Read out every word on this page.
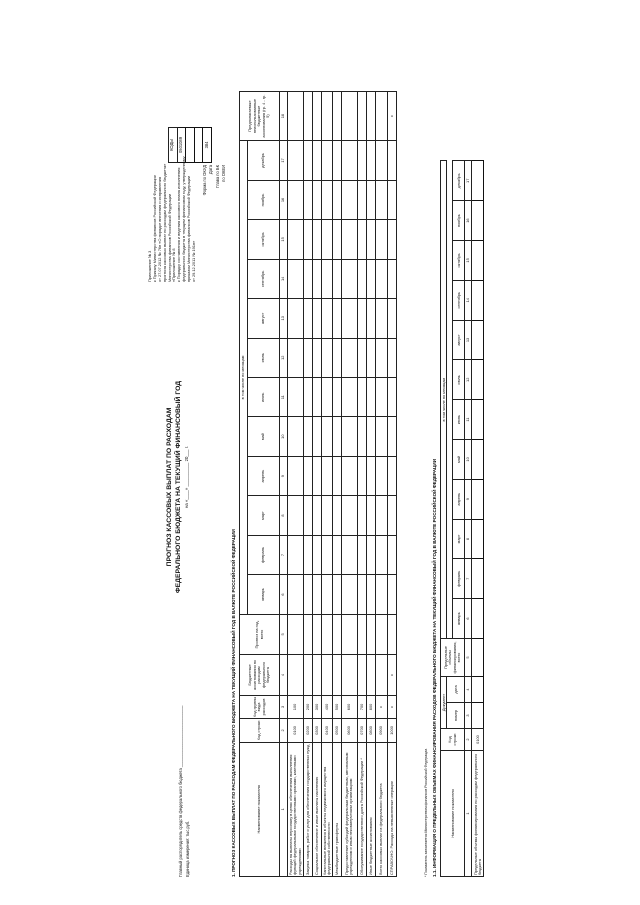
Приложение № 3 к Приказу Министерства финансов Российской Федерации от 27.07.2012 № 76н «О порядке внесения и исправления прогноза кассовых выплат по расходам федерального бюджета» Министерства финансов Российской Федерации «Приложение № 8 к Порядку составления и ведения кассового плана исполнения федерального бюджета в текущем финансовом году, утвержденному приказом Министерства финансов Российской Федерации от 29.12.2011 № 191н»
ПРОГНОЗ КАССОВЫХ ВЫПЛАТ ПО РАСХОДАМ ФЕДЕРАЛЬНОГО БЮДЖЕТА НА ТЕКУЩИЙ ФИНАНСОВЫЙ ГОД на «____» __________ 20___ г.
Форма по ОКУД Дата Глава по БК по ОКЕИ
КОДЫ
0501089

384
Главный распорядитель средств федерального бюджета ___________________________ Единица измерения: тыс.руб.	1. ПРОГНОЗ КАССОВЫХ ВЫПЛАТ ПО РАСХОДАМ ФЕДЕРАЛЬНОГО БЮДЖЕТА НА ТЕКУЩИЙ ФИНАНСОВЫЙ ГОД В ВАЛЮТЕ РОССИЙСКОЙ ФЕДЕРАЦИИ	Наименование показателя	Код строки	Код группы вида расходов	Бюджетные ассигнования по расходам федерального бюджета	Прогноз на год, всего	в том числе по месяцам												Предполагаемые неиспользованные бюджетные ассигнования (гр. 4 - гр. 5)
					январь	февраль	март	апрель	май	июнь	июль	август	сентябрь	октябрь	ноябрь	декабрь	
1	2	3	4	5	6	7	8	9	10	11	12	13	14	15	16	17	18
Расходы на выплаты персоналу в целях обеспечения выполнения функций федеральными государственными органами, казенными учреждениями	0100	100															
Закупка товаров, работ и услуг для обеспечения государственных нужд	0200	200															
Социальное обеспечение и иные выплаты населению	0300	300															
Капитальные вложения в объекты недвижимого имущества федеральной собственности	0400	400															
Межбюджетные трансферты	0500	500															
Предоставление субсидий федеральным бюджетным, автономным учреждениям и иным некоммерческим организациям	0600	600															
Обслуживание государственного долга Российской Федерации *	0700	700															
Иные бюджетные ассигнования	0800	800															
Всего кассовых выплат из федерального бюджета	0900	х															
СПРАВОЧНО: Расходы на невыясненные операции	1000	х	х														х
* Показатель заполняется Министерством финансов Российской Федерации. 1.1. ИНФОРМАЦИЯ О ПРЕДЕЛЬНЫХ ОБЪЕМАХ ФИНАНСИРОВАНИЯ РАСХОДОВ ФЕДЕРАЛЬНОГО БЮДЖЕТА НА ТЕКУЩИЙ ФИНАНСОВЫЙ ГОД В ВАЛЮТЕ РОССИЙСКОЙ ФЕДЕРАЦИИ	Наименование показателя	Код строки	Документ		Предельные объемы финансирования, всего	в том числе по месяцам											
		номер	дата													
					январь	февраль	март	апрель	май	июнь	июль	август	сентябрь	октябрь	ноябрь	декабрь
1	2	3	4	5	6	7	8	9	10	11	12	13	14	15	16	17
Предельные объемы финансирования по расходам федерального бюджета	0100															
